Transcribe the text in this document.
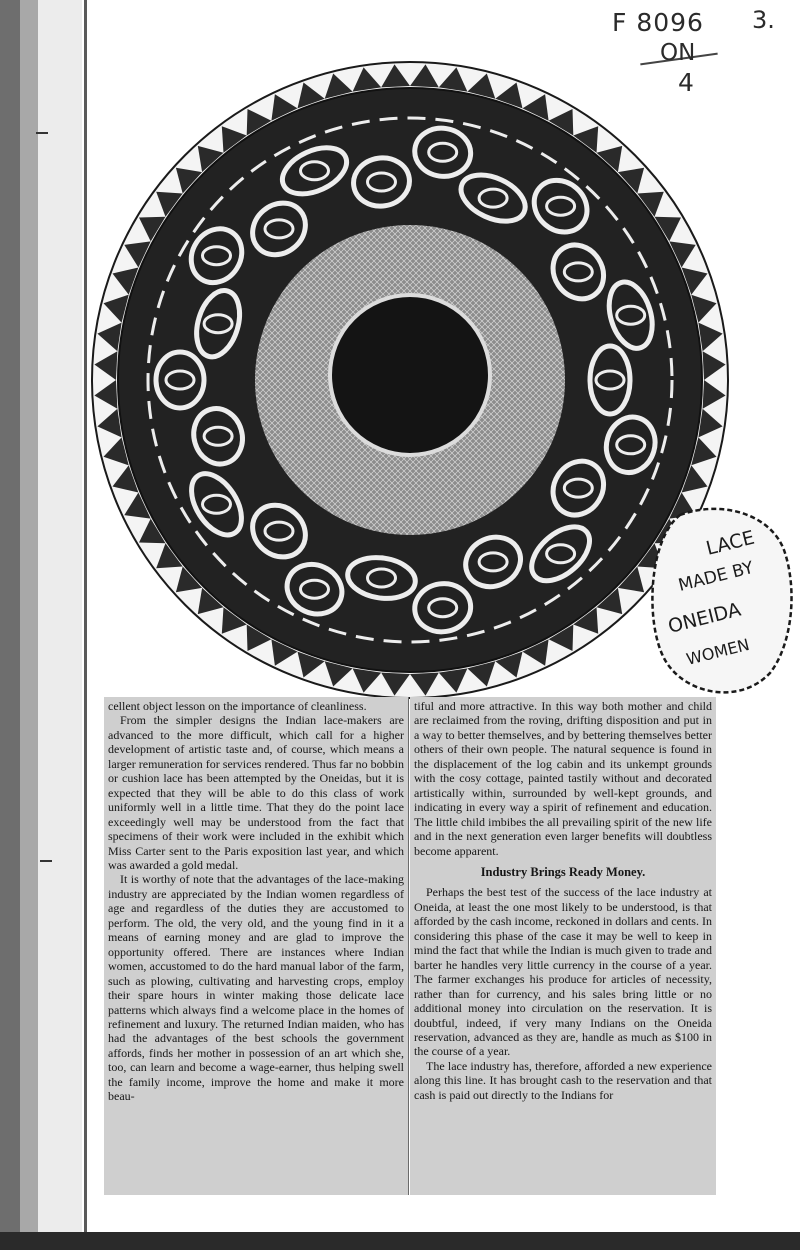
F 8096
ON
4
3.
LACE
MADE BY
ONEIDA
WOMEN

cellent object lesson on the importance of cleanliness.

From the simpler designs the Indian lace-makers are advanced to the more difficult, which call for a higher development of artistic taste and, of course, which means a larger remuneration for services rendered. Thus far no bobbin or cushion lace has been attempted by the Oneidas, but it is expected that they will be able to do this class of work uniformly well in a little time. That they do the point lace exceedingly well may be understood from the fact that specimens of their work were included in the exhibit which Miss Carter sent to the Paris exposition last year, and which was awarded a gold medal.

It is worthy of note that the advantages of the lace-making industry are appreciated by the Indian women regardless of age and regardless of the duties they are accustomed to perform. The old, the very old, and the young find in it a means of earning money and are glad to improve the opportunity offered. There are instances where Indian women, accustomed to do the hard manual labor of the farm, such as plowing, cultivating and harvesting crops, employ their spare hours in winter making those delicate lace patterns which always find a welcome place in the homes of refinement and luxury. The returned Indian maiden, who has had the advantages of the best schools the government affords, finds her mother in possession of an art which she, too, can learn and become a wage-earner, thus helping swell the family income, improve the home and make it more beau-

tiful and more attractive. In this way both mother and child are reclaimed from the roving, drifting disposition and put in a way to better themselves, and by bettering themselves better others of their own people. The natural sequence is found in the displacement of the log cabin and its unkempt grounds with the cosy cottage, painted tastily without and decorated artistically within, surrounded by well-kept grounds, and indicating in every way a spirit of refinement and education. The little child imbibes the all prevailing spirit of the new life and in the next generation even larger benefits will doubtless become apparent.

Industry Brings Ready Money.

Perhaps the best test of the success of the lace industry at Oneida, at least the one most likely to be understood, is that afforded by the cash income, reckoned in dollars and cents. In considering this phase of the case it may be well to keep in mind the fact that while the Indian is much given to trade and barter he handles very little currency in the course of a year. The farmer exchanges his produce for articles of necessity, rather than for currency, and his sales bring little or no additional money into circulation on the reservation. It is doubtful, indeed, if very many Indians on the Oneida reservation, advanced as they are, handle as much as $100 in the course of a year.

The lace industry has, therefore, afforded a new experience along this line. It has brought cash to the reservation and that cash is paid out directly to the Indians for
